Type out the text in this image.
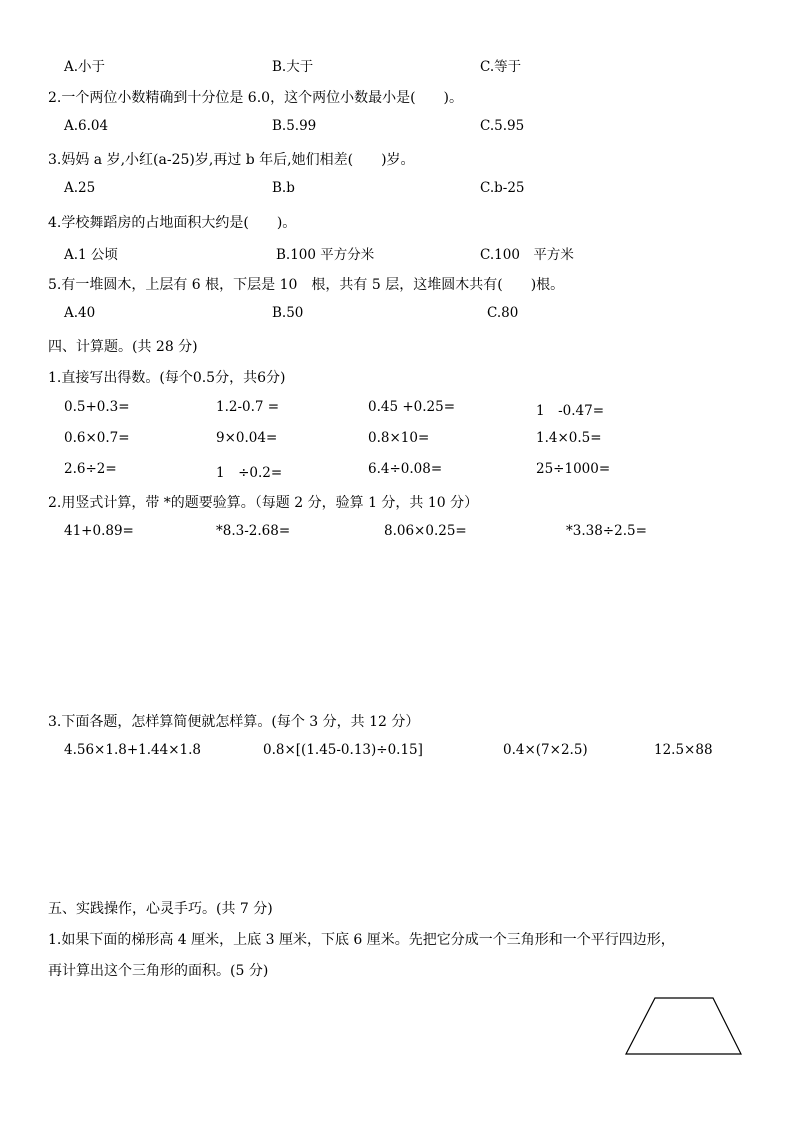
A.小于	B.大于	C.等于
2.一个两位小数精确到十分位是 6.0，这个两位小数最小是(　　)。
A.6.04	B.5.99	C.5.95
3.妈妈 a 岁,小红(a-25)岁,再过 b 年后,她们相差(　　)岁。
A.25	B.b	C.b-25
4.学校舞蹈房的占地面积大约是(　　)。
A.1 公顷	B.100 平方分米	C.100　平方米
5.有一堆圆木，上层有 6 根，下层是 10　根，共有 5 层，这堆圆木共有(　　)根。
A.40	B.50	C.80
四、计算题。(共 28 分)
1.直接写出得数。(每个0.5分，共6分)
0.5+0.3=	1.2-0.7 =	0.45 +0.25=	1　-0.47=
0.6×0.7=	9×0.04=	0.8×10=	1.4×0.5=
2.6÷2=	1　÷0.2=	6.4÷0.08=	25÷1000=
2.用竖式计算，带 *的题要验算。（每题 2 分，验算 1 分，共 10 分）
41+0.89=	*8.3-2.68=	8.06×0.25=	*3.38÷2.5=
3.下面各题，怎样算简便就怎样算。(每个 3 分，共 12 分）
4.56×1.8+1.44×1.8	0.8×[(1.45-0.13)÷0.15]	0.4×(7×2.5)	12.5×88
五、实践操作，心灵手巧。(共 7 分)
1.如果下面的梯形高 4 厘米，上底 3 厘米，下底 6 厘米。先把它分成一个三角形和一个平行四边形，
再计算出这个三角形的面积。(5 分)
